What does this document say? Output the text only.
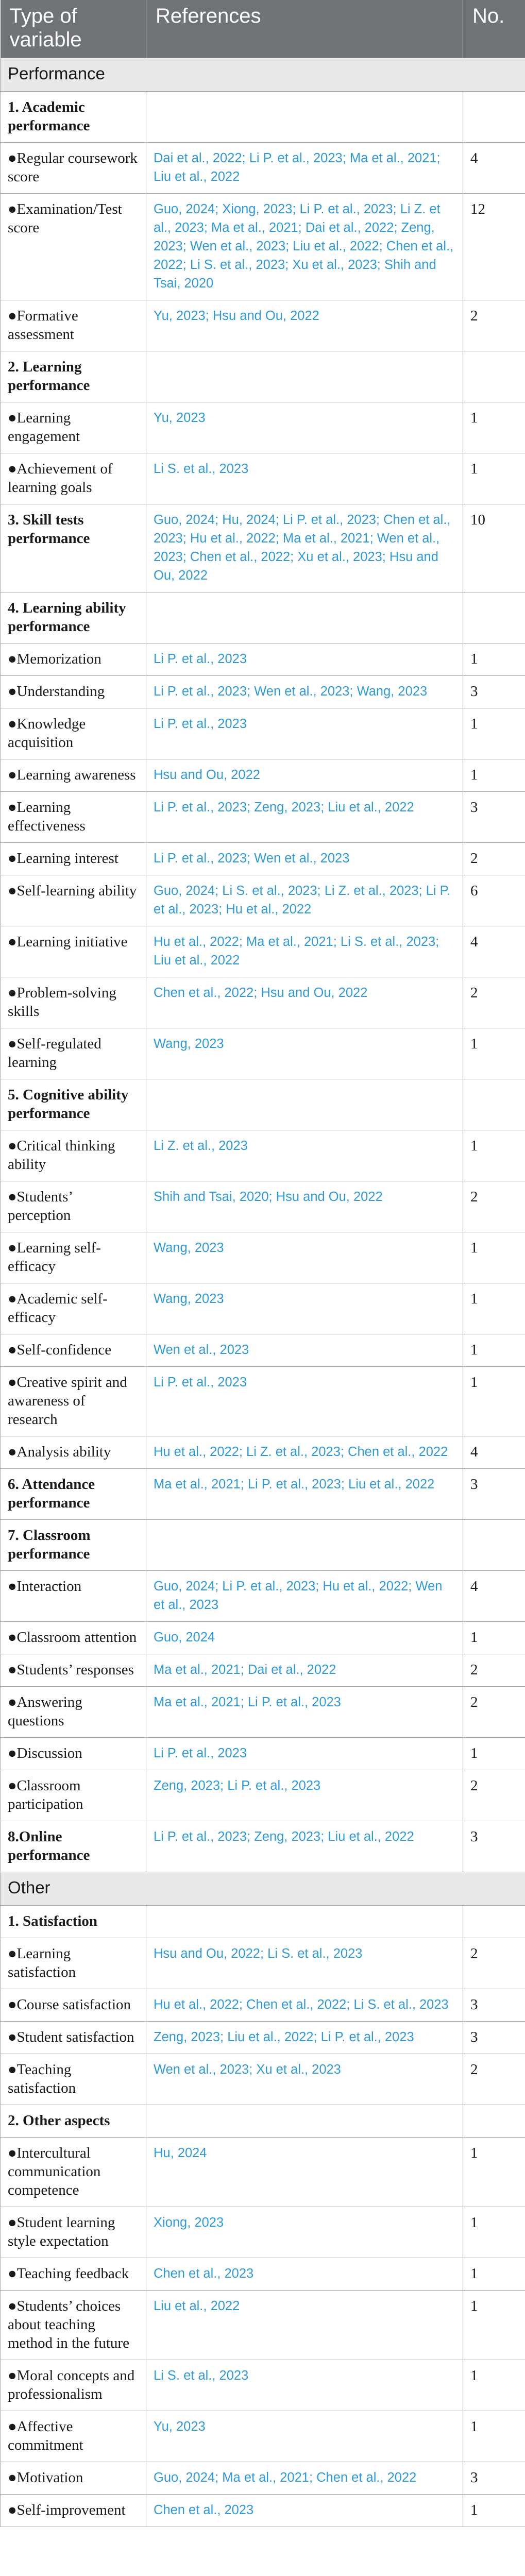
Type of variable	References	No.
Performance		
1. Academic performance		
●Regular coursework score	Dai et al., 2022; Li P. et al., 2023; Ma et al., 2021; Liu et al., 2022	4
●Examination/Test score	Guo, 2024; Xiong, 2023; Li P. et al., 2023; Li Z. et al., 2023; Ma et al., 2021; Dai et al., 2022; Zeng, 2023; Wen et al., 2023; Liu et al., 2022; Chen et al., 2022; Li S. et al., 2023; Xu et al., 2023; Shih and Tsai, 2020	12
●Formative assessment	Yu, 2023; Hsu and Ou, 2022	2
2. Learning performance		
●Learning engagement	Yu, 2023	1
●Achievement of learning goals	Li S. et al., 2023	1
3. Skill tests performance	Guo, 2024; Hu, 2024; Li P. et al., 2023; Chen et al., 2023; Hu et al., 2022; Ma et al., 2021; Wen et al., 2023; Chen et al., 2022; Xu et al., 2023; Hsu and Ou, 2022	10
4. Learning ability performance		
●Memorization	Li P. et al., 2023	1
●Understanding	Li P. et al., 2023; Wen et al., 2023; Wang, 2023	3
●Knowledge acquisition	Li P. et al., 2023	1
●Learning awareness	Hsu and Ou, 2022	1
●Learning effectiveness	Li P. et al., 2023; Zeng, 2023; Liu et al., 2022	3
●Learning interest	Li P. et al., 2023; Wen et al., 2023	2
●Self-learning ability	Guo, 2024; Li S. et al., 2023; Li Z. et al., 2023; Li P. et al., 2023; Hu et al., 2022	6
●Learning initiative	Hu et al., 2022; Ma et al., 2021; Li S. et al., 2023; Liu et al., 2022	4
●Problem-solving skills	Chen et al., 2022; Hsu and Ou, 2022	2
●Self-regulated learning	Wang, 2023	1
5. Cognitive ability performance		
●Critical thinking ability	Li Z. et al., 2023	1
●Students’ perception	Shih and Tsai, 2020; Hsu and Ou, 2022	2
●Learning self-efficacy	Wang, 2023	1
●Academic self-efficacy	Wang, 2023	1
●Self-confidence	Wen et al., 2023	1
●Creative spirit and awareness of research	Li P. et al., 2023	1
●Analysis ability	Hu et al., 2022; Li Z. et al., 2023; Chen et al., 2022	4
6. Attendance performance	Ma et al., 2021; Li P. et al., 2023; Liu et al., 2022	3
7. Classroom performance		
●Interaction	Guo, 2024; Li P. et al., 2023; Hu et al., 2022; Wen et al., 2023	4
●Classroom attention	Guo, 2024	1
●Students’ responses	Ma et al., 2021; Dai et al., 2022	2
●Answering questions	Ma et al., 2021; Li P. et al., 2023	2
●Discussion	Li P. et al., 2023	1
●Classroom participation	Zeng, 2023; Li P. et al., 2023	2
8.Online performance	Li P. et al., 2023; Zeng, 2023; Liu et al., 2022	3
Other		
1. Satisfaction		
●Learning satisfaction	Hsu and Ou, 2022; Li S. et al., 2023	2
●Course satisfaction	Hu et al., 2022; Chen et al., 2022; Li S. et al., 2023	3
●Student satisfaction	Zeng, 2023; Liu et al., 2022; Li P. et al., 2023	3
●Teaching satisfaction	Wen et al., 2023; Xu et al., 2023	2
2. Other aspects		
●Intercultural communication competence	Hu, 2024	1
●Student learning style expectation	Xiong, 2023	1
●Teaching feedback	Chen et al., 2023	1
●Students’ choices about teaching method in the future	Liu et al., 2022	1
●Moral concepts and professionalism	Li S. et al., 2023	1
●Affective commitment	Yu, 2023	1
●Motivation	Guo, 2024; Ma et al., 2021; Chen et al., 2022	3
●Self-improvement	Chen et al., 2023	1
